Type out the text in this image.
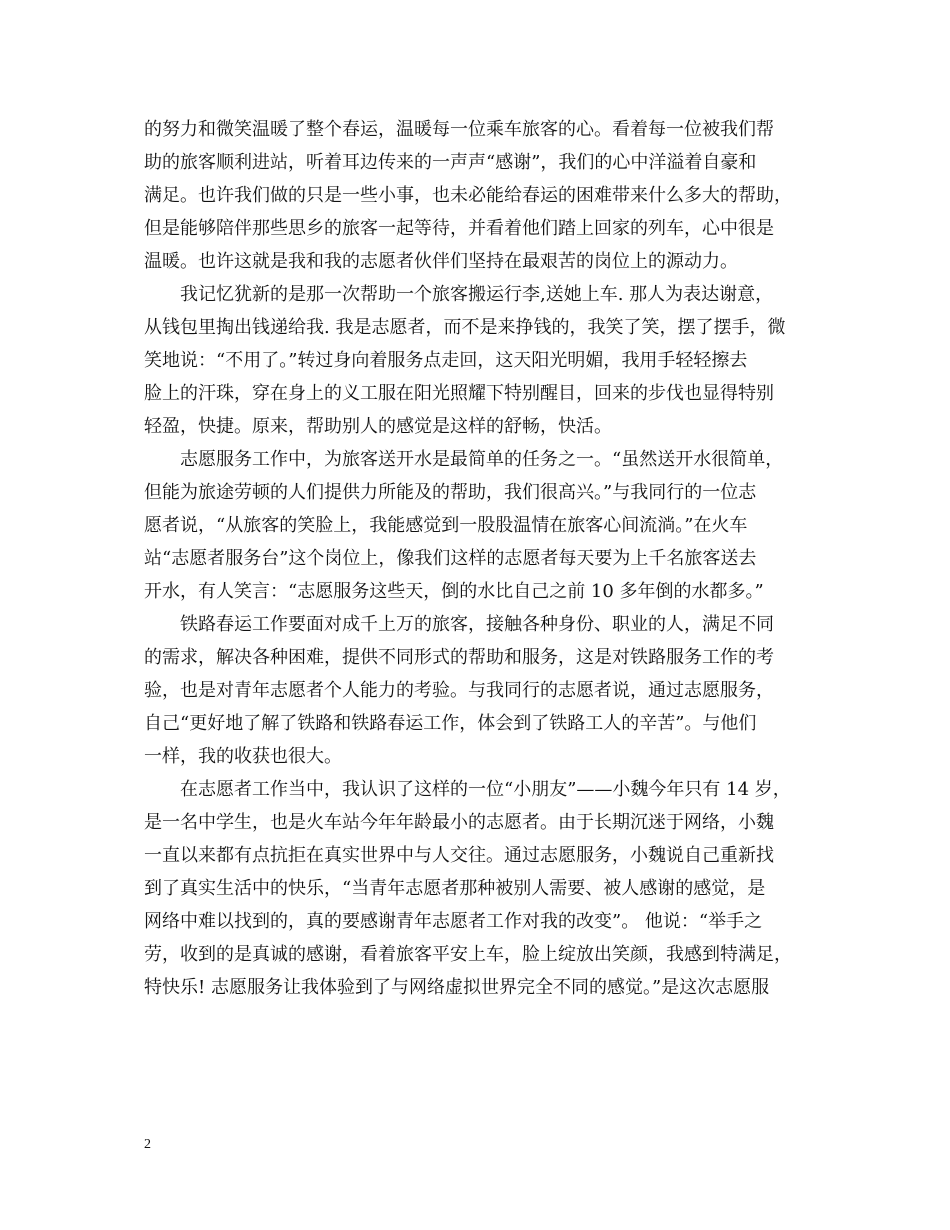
的努力和微笑温暖了整个春运，温暖每一位乘车旅客的心。看着每一位被我们帮
助的旅客顺利进站，听着耳边传来的一声声“感谢”，我们的心中洋溢着自豪和
满足。也许我们做的只是一些小事，也未必能给春运的困难带来什么多大的帮助，
但是能够陪伴那些思乡的旅客一起等待，并看着他们踏上回家的列车，心中很是
温暖。也许这就是我和我的志愿者伙伴们坚持在最艰苦的岗位上的源动力。
我记忆犹新的是那一次帮助一个旅客搬运行李,送她上车. 那人为表达谢意，
从钱包里掏出钱递给我. 我是志愿者，而不是来挣钱的，我笑了笑，摆了摆手，微
笑地说：“不用了。”转过身向着服务点走回，这天阳光明媚，我用手轻轻擦去
脸上的汗珠，穿在身上的义工服在阳光照耀下特别醒目，回来的步伐也显得特别
轻盈，快捷。原来，帮助别人的感觉是这样的舒畅，快活。
志愿服务工作中，为旅客送开水是最简单的任务之一。“虽然送开水很简单，
但能为旅途劳顿的人们提供力所能及的帮助，我们很高兴。”与我同行的一位志
愿者说，“从旅客的笑脸上，我能感觉到一股股温情在旅客心间流淌。”在火车
站“志愿者服务台”这个岗位上，像我们这样的志愿者每天要为上千名旅客送去
开水，有人笑言：“志愿服务这些天，倒的水比自己之前 10 多年倒的水都多。”
铁路春运工作要面对成千上万的旅客，接触各种身份、职业的人，满足不同
的需求，解决各种困难，提供不同形式的帮助和服务，这是对铁路服务工作的考
验，也是对青年志愿者个人能力的考验。与我同行的志愿者说，通过志愿服务，
自己“更好地了解了铁路和铁路春运工作，体会到了铁路工人的辛苦”。与他们
一样，我的收获也很大。
在志愿者工作当中，我认识了这样的一位“小朋友”——小魏今年只有 14 岁，
是一名中学生，也是火车站今年年龄最小的志愿者。由于长期沉迷于网络，小魏
一直以来都有点抗拒在真实世界中与人交往。通过志愿服务，小魏说自己重新找
到了真实生活中的快乐，“当青年志愿者那种被别人需要、被人感谢的感觉，是
网络中难以找到的，真的要感谢青年志愿者工作对我的改变”。 他说：“举手之
劳，收到的是真诚的感谢，看着旅客平安上车，脸上绽放出笑颜，我感到特满足，
特快乐! 志愿服务让我体验到了与网络虚拟世界完全不同的感觉。”是这次志愿服
2
